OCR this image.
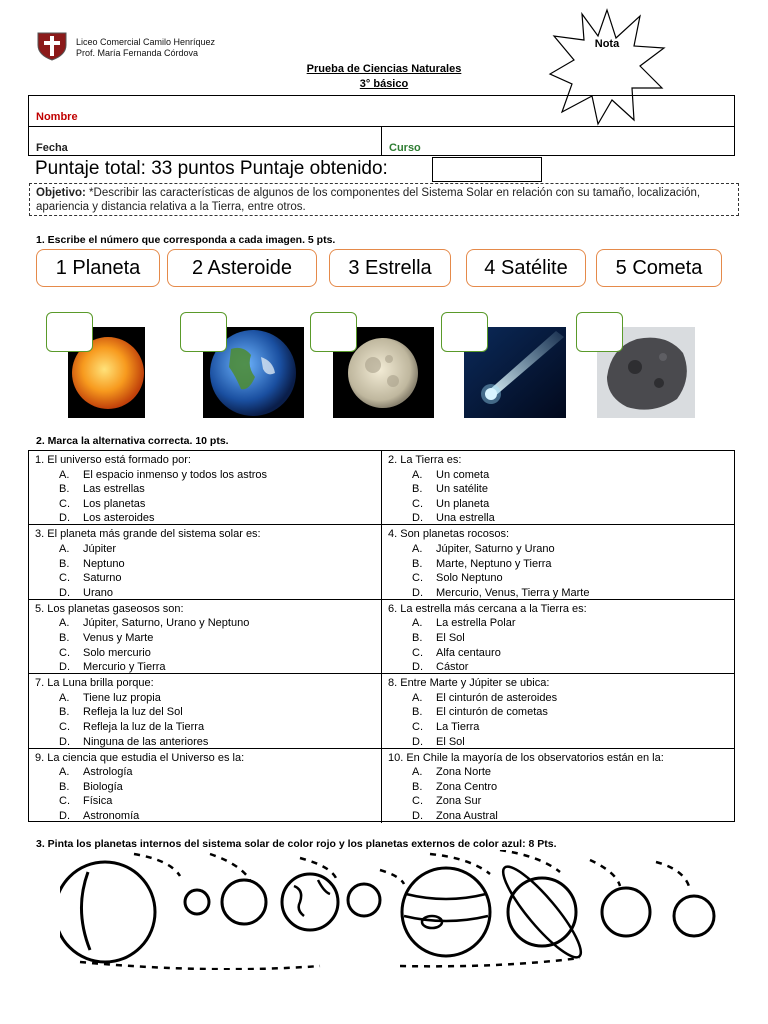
Liceo Comercial Camilo Henríquez
Prof. María Fernanda Córdova
Prueba de Ciencias Naturales
3° básico
Nota
Nombre
Fecha	Curso
Puntaje total: 33 puntos Puntaje obtenido:
Objetivo: *Describir las características de algunos de los componentes del Sistema Solar en relación con su tamaño, localización, apariencia y distancia relativa a la Tierra, entre otros.
1. Escribe el número que corresponda a cada imagen. 5 pts.
1 Planeta	2 Asteroide	3 Estrella	4 Satélite	5 Cometa
2. Marca la alternativa correcta. 10 pts.
1. El universo está formado por:
A.	El espacio inmenso y todos los astros
B.	Las estrellas
C.	Los planetas
D.	Los asteroides
2. La Tierra es:
A.	Un cometa
B.	Un satélite
C.	Un planeta
D.	Una estrella
3. El planeta más grande del sistema solar es:
A.	Júpiter
B.	Neptuno
C.	Saturno
D.	Urano
4. Son planetas rocosos:
A.	Júpiter, Saturno y Urano
B.	Marte, Neptuno y Tierra
C.	Solo Neptuno
D.	Mercurio, Venus, Tierra y Marte
5. Los planetas gaseosos son:
A.	Júpiter, Saturno, Urano y Neptuno
B.	Venus y Marte
C.	Solo mercurio
D.	Mercurio y Tierra
6. La estrella más cercana a la Tierra es:
A.	La estrella Polar
B.	El Sol
C.	Alfa centauro
D.	Cástor
7. La Luna brilla porque:
A.	Tiene luz propia
B.	Refleja la luz del Sol
C.	Refleja la luz de la Tierra
D.	Ninguna de las anteriores
8. Entre Marte y Júpiter se ubica:
A.	El cinturón de asteroides
B.	El cinturón de cometas
C.	La Tierra
D.	El Sol
9. La ciencia que estudia el Universo es la:
A.	Astrología
B.	Biología
C.	Física
D.	Astronomía
10. En Chile la mayoría de los observatorios están en la:
A.	Zona Norte
B.	Zona Centro
C.	Zona Sur
D.	Zona Austral
3. Pinta los planetas internos del sistema solar de color rojo y los planetas externos de color azul: 8 Pts.
